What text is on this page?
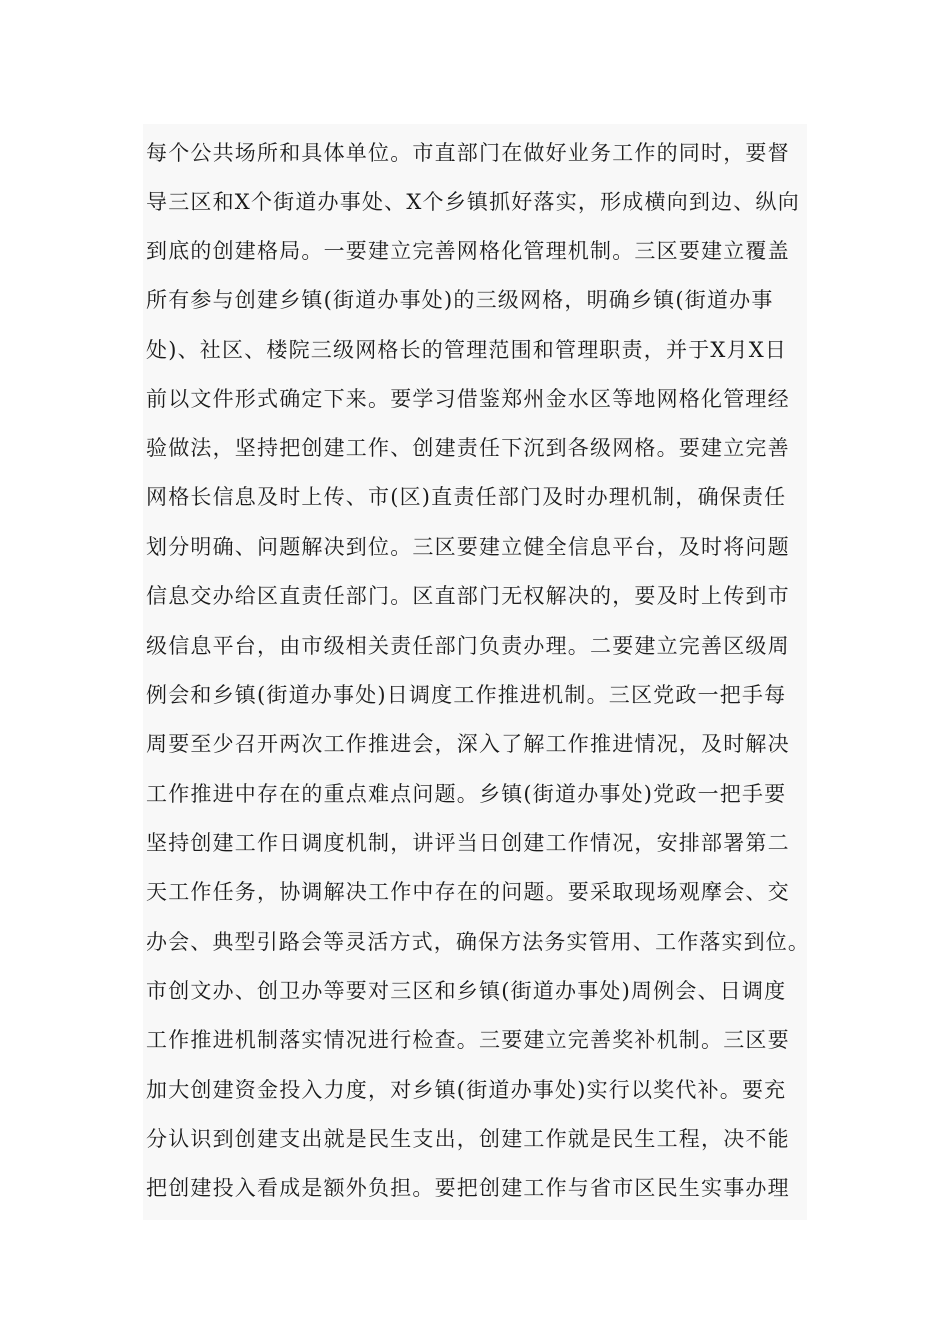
每个公共场所和具体单位。市直部门在做好业务工作的同时，要督
导三区和X个街道办事处、X个乡镇抓好落实，形成横向到边、纵向
到底的创建格局。一要建立完善网格化管理机制。三区要建立覆盖
所有参与创建乡镇(街道办事处)的三级网格，明确乡镇(街道办事
处)、社区、楼院三级网格长的管理范围和管理职责，并于X月X日
前以文件形式确定下来。要学习借鉴郑州金水区等地网格化管理经
验做法，坚持把创建工作、创建责任下沉到各级网格。要建立完善
网格长信息及时上传、市(区)直责任部门及时办理机制，确保责任
划分明确、问题解决到位。三区要建立健全信息平台，及时将问题
信息交办给区直责任部门。区直部门无权解决的，要及时上传到市
级信息平台，由市级相关责任部门负责办理。二要建立完善区级周
例会和乡镇(街道办事处)日调度工作推进机制。三区党政一把手每
周要至少召开两次工作推进会，深入了解工作推进情况，及时解决
工作推进中存在的重点难点问题。乡镇(街道办事处)党政一把手要
坚持创建工作日调度机制，讲评当日创建工作情况，安排部署第二
天工作任务，协调解决工作中存在的问题。要采取现场观摩会、交
办会、典型引路会等灵活方式，确保方法务实管用、工作落实到位。
市创文办、创卫办等要对三区和乡镇(街道办事处)周例会、日调度
工作推进机制落实情况进行检查。三要建立完善奖补机制。三区要
加大创建资金投入力度，对乡镇(街道办事处)实行以奖代补。要充
分认识到创建支出就是民生支出，创建工作就是民生工程，决不能
把创建投入看成是额外负担。要把创建工作与省市区民生实事办理
